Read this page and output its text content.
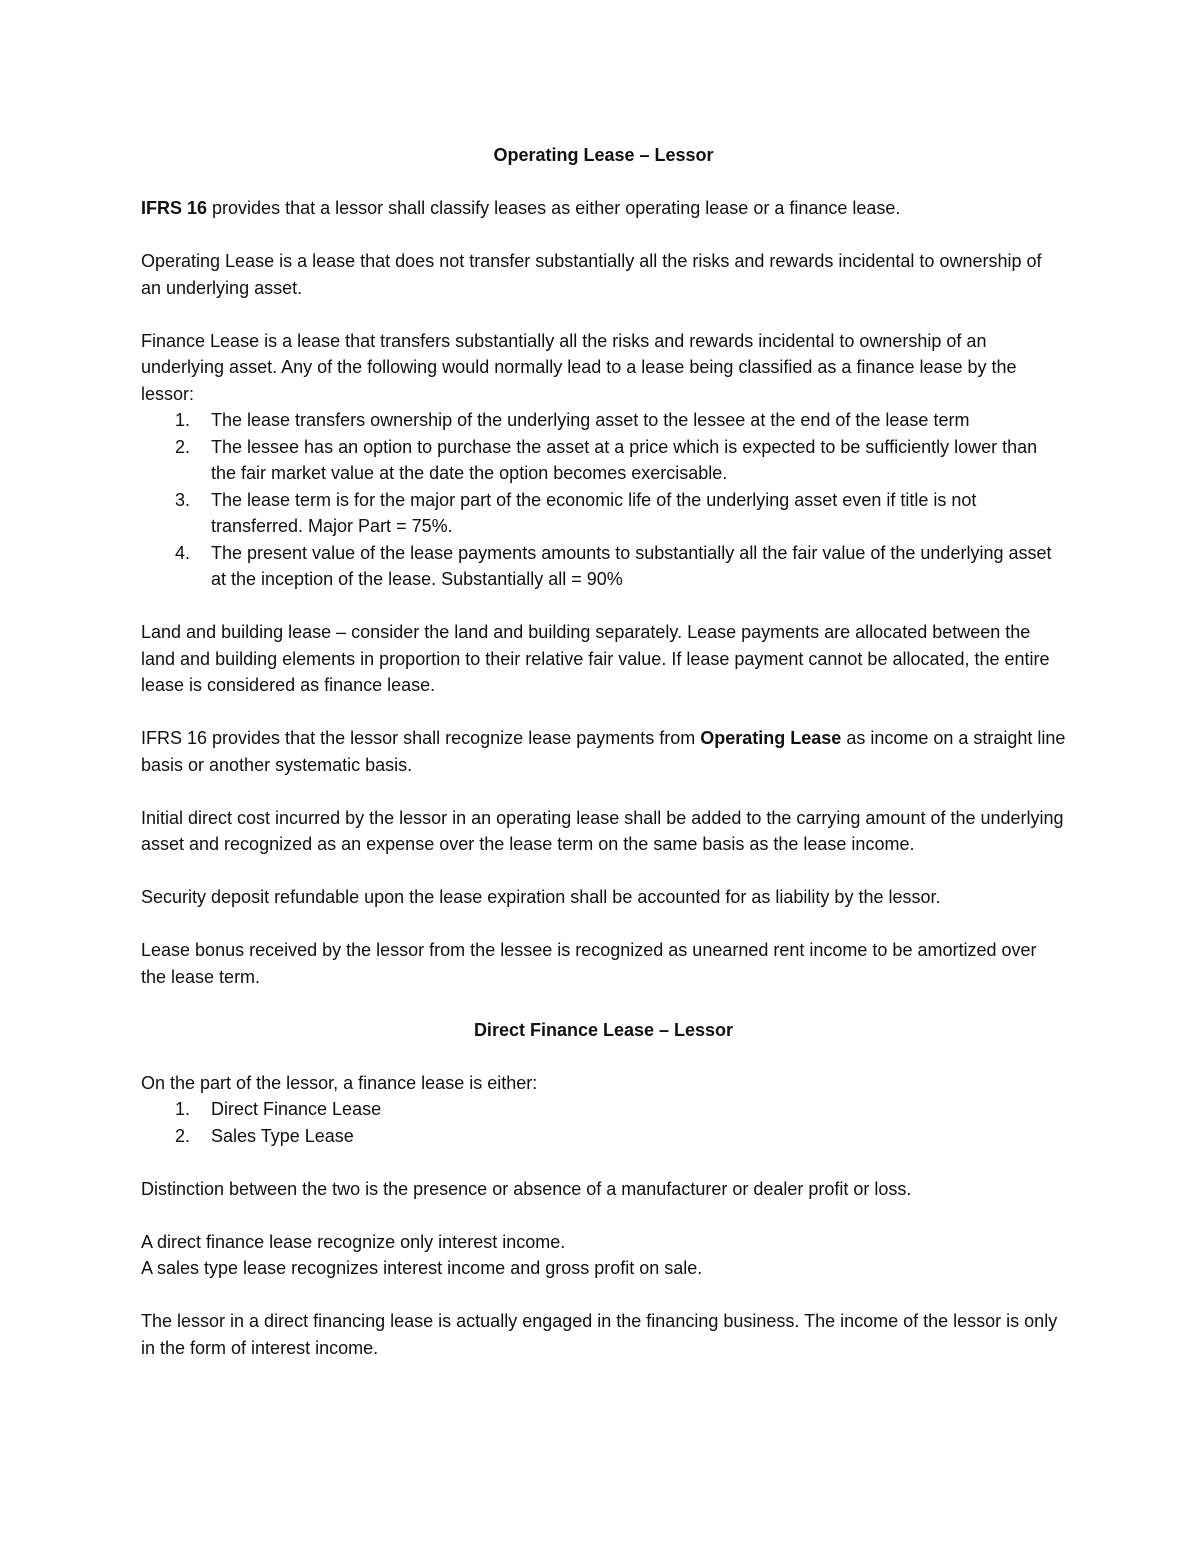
Operating Lease – Lessor

IFRS 16 provides that a lessor shall classify leases as either operating lease or a finance lease.

Operating Lease is a lease that does not transfer substantially all the risks and rewards incidental to ownership of an underlying asset.

Finance Lease is a lease that transfers substantially all the risks and rewards incidental to ownership of an underlying asset. Any of the following would normally lead to a lease being classified as a finance lease by the lessor:

1. The lease transfers ownership of the underlying asset to the lessee at the end of the lease term
2. The lessee has an option to purchase the asset at a price which is expected to be sufficiently lower than the fair market value at the date the option becomes exercisable.
3. The lease term is for the major part of the economic life of the underlying asset even if title is not transferred. Major Part = 75%.
4. The present value of the lease payments amounts to substantially all the fair value of the underlying asset at the inception of the lease. Substantially all = 90%

Land and building lease – consider the land and building separately. Lease payments are allocated between the land and building elements in proportion to their relative fair value. If lease payment cannot be allocated, the entire lease is considered as finance lease.

IFRS 16 provides that the lessor shall recognize lease payments from Operating Lease as income on a straight line basis or another systematic basis.

Initial direct cost incurred by the lessor in an operating lease shall be added to the carrying amount of the underlying asset and recognized as an expense over the lease term on the same basis as the lease income.

Security deposit refundable upon the lease expiration shall be accounted for as liability by the lessor.

Lease bonus received by the lessor from the lessee is recognized as unearned rent income to be amortized over the lease term.

Direct Finance Lease – Lessor

On the part of the lessor, a finance lease is either:

1. Direct Finance Lease
2. Sales Type Lease

Distinction between the two is the presence or absence of a manufacturer or dealer profit or loss.

A direct finance lease recognize only interest income.

A sales type lease recognizes interest income and gross profit on sale.

The lessor in a direct financing lease is actually engaged in the financing business. The income of the lessor is only in the form of interest income.
